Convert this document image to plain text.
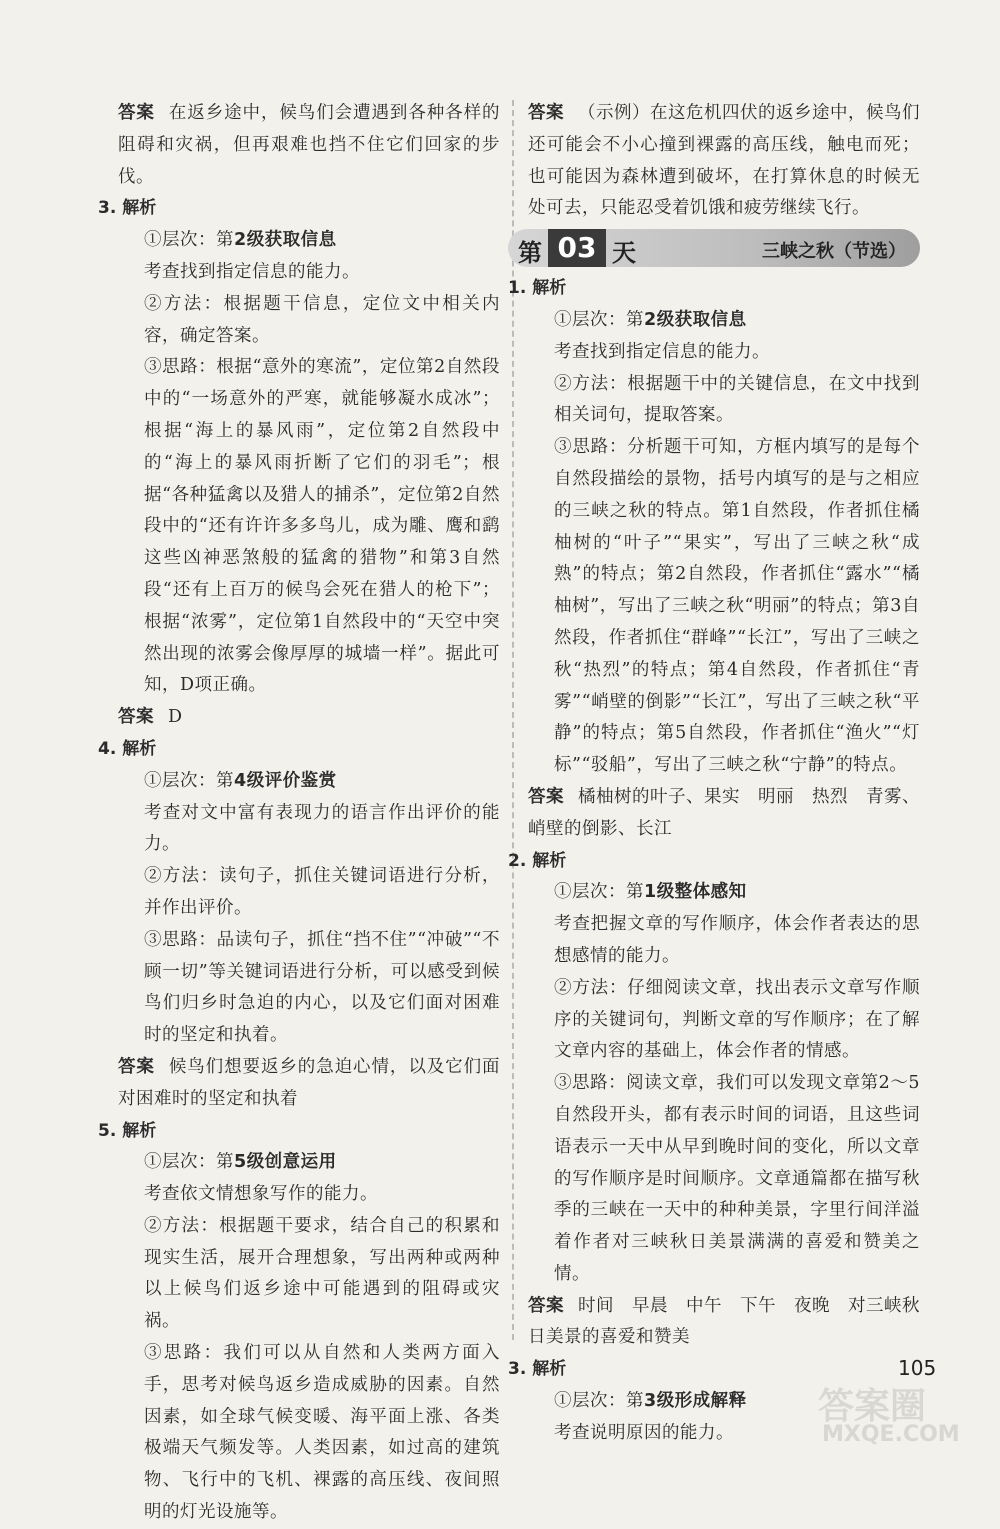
答案 在返乡途中，候鸟们会遭遇到各种各样的阻碍和灾祸，但再艰难也挡不住它们回家的步伐。

3. 解析

①层次：第2级获取信息

考查找到指定信息的能力。

②方法：根据题干信息，定位文中相关内容，确定答案。

③思路：根据“意外的寒流”，定位第2自然段中的“一场意外的严寒，就能够凝水成冰”；根据“海上的暴风雨”，定位第2自然段中的“海上的暴风雨折断了它们的羽毛”；根据“各种猛禽以及猎人的捕杀”，定位第2自然段中的“还有许许多多鸟儿，成为雕、鹰和鹞这些凶神恶煞般的猛禽的猎物”和第3自然段“还有上百万的候鸟会死在猎人的枪下”；根据“浓雾”，定位第1自然段中的“天空中突然出现的浓雾会像厚厚的城墙一样”。据此可知，D项正确。

答案 D

4. 解析

①层次：第4级评价鉴赏

考查对文中富有表现力的语言作出评价的能力。

②方法：读句子，抓住关键词语进行分析，并作出评价。

③思路：品读句子，抓住“挡不住”“冲破”“不顾一切”等关键词语进行分析，可以感受到候鸟们归乡时急迫的内心，以及它们面对困难时的坚定和执着。

答案 候鸟们想要返乡的急迫心情，以及它们面对困难时的坚定和执着

5. 解析

①层次：第5级创意运用

考查依文情想象写作的能力。

②方法：根据题干要求，结合自己的积累和现实生活，展开合理想象，写出两种或两种以上候鸟们返乡途中可能遇到的阻碍或灾祸。

③思路：我们可以从自然和人类两方面入手，思考对候鸟返乡造成威胁的因素。自然因素，如全球气候变暖、海平面上涨、各类极端天气频发等。人类因素，如过高的建筑物、飞行中的飞机、裸露的高压线、夜间照明的灯光设施等。

答案 （示例）在这危机四伏的返乡途中，候鸟们还可能会不小心撞到裸露的高压线，触电而死；也可能因为森林遭到破坏，在打算休息的时候无处可去，只能忍受着饥饿和疲劳继续飞行。

第 03 天	三峡之秋（节选）

1. 解析

①层次：第2级获取信息

考查找到指定信息的能力。

②方法：根据题干中的关键信息，在文中找到相关词句，提取答案。

③思路：分析题干可知，方框内填写的是每个自然段描绘的景物，括号内填写的是与之相应的三峡之秋的特点。第1自然段，作者抓住橘柚树的“叶子”“果实”，写出了三峡之秋“成熟”的特点；第2自然段，作者抓住“露水”“橘柚树”，写出了三峡之秋“明丽”的特点；第3自然段，作者抓住“群峰”“长江”，写出了三峡之秋“热烈”的特点；第4自然段，作者抓住“青雾”“峭壁的倒影”“长江”，写出了三峡之秋“平静”的特点；第5自然段，作者抓住“渔火”“灯标”“驳船”，写出了三峡之秋“宁静”的特点。

答案 橘柚树的叶子、果实　明丽　热烈　青雾、峭壁的倒影、长江

2. 解析

①层次：第1级整体感知

考查把握文章的写作顺序，体会作者表达的思想感情的能力。

②方法：仔细阅读文章，找出表示文章写作顺序的关键词句，判断文章的写作顺序；在了解文章内容的基础上，体会作者的情感。

③思路：阅读文章，我们可以发现文章第2～5自然段开头，都有表示时间的词语，且这些词语表示一天中从早到晚时间的变化，所以文章的写作顺序是时间顺序。文章通篇都在描写秋季的三峡在一天中的种种美景，字里行间洋溢着作者对三峡秋日美景满满的喜爱和赞美之情。

答案 时间　早晨　中午　下午　夜晚　对三峡秋日美景的喜爱和赞美

3. 解析

①层次：第3级形成解释

考查说明原因的能力。

105
答案圈
MXQE.COM
